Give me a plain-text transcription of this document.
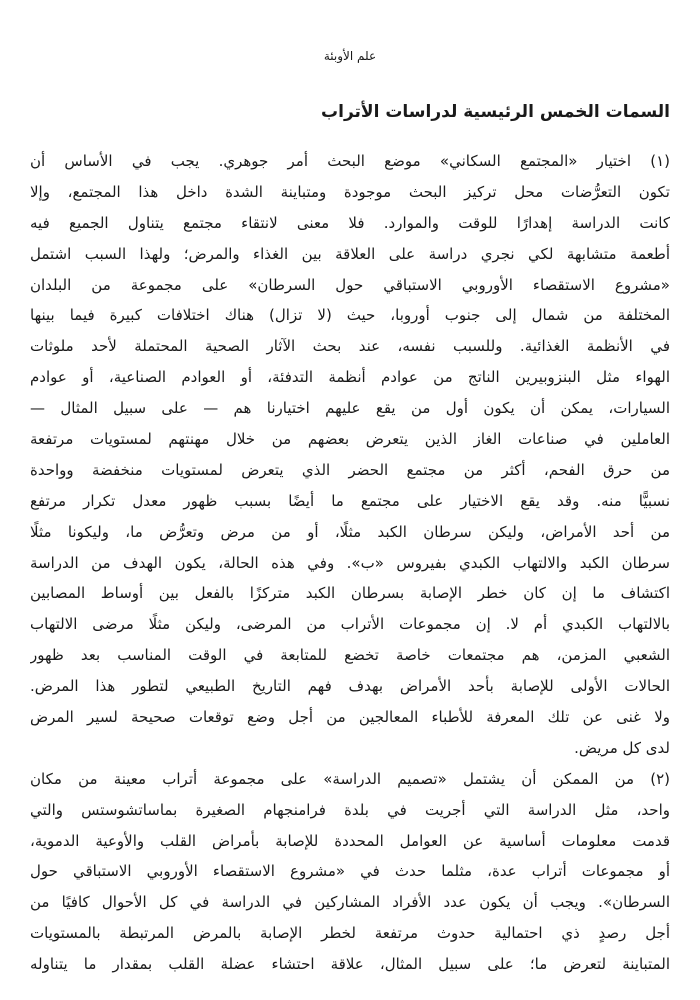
علم الأوبئة
السمات الخمس الرئيسية لدراسات الأتراب
(١) اختيار «المجتمع السكاني» موضع البحث أمر جوهري. يجب في الأساس أن
تكون التعرُّضات محل تركيز البحث موجودة ومتباينة الشدة داخل هذا المجتمع، وإلا
كانت الدراسة إهدارًا للوقت والموارد. فلا معنى لانتقاء مجتمع يتناول الجميع فيه
أطعمة متشابهة لكي نجري دراسة على العلاقة بين الغذاء والمرض؛ ولهذا السبب اشتمل
«مشروع الاستقصاء الأوروبي الاستباقي حول السرطان» على مجموعة من البلدان
المختلفة من شمال إلى جنوب أوروبا، حيث (لا تزال) هناك اختلافات كبيرة فيما بينها
في الأنظمة الغذائية. وللسبب نفسه، عند بحث الآثار الصحية المحتملة لأحد ملوثات
الهواء مثل البنزوبيرين الناتج من عوادم أنظمة التدفئة، أو العوادم الصناعية، أو عوادم
السيارات، يمكن أن يكون أول من يقع عليهم اختيارنا هم — على سبيل المثال —
العاملين في صناعات الغاز الذين يتعرض بعضهم من خلال مهنتهم لمستويات مرتفعة
من حرق الفحم، أكثر من مجتمع الحضر الذي يتعرض لمستويات منخفضة وواحدة
نسبيًّا منه. وقد يقع الاختيار على مجتمع ما أيضًا بسبب ظهور معدل تكرار مرتفع
من أحد الأمراض، وليكن سرطان الكبد مثلًا، أو من مرض وتعرُّض ما، وليكونا مثلًا
سرطان الكبد والالتهاب الكبدي بفيروس «ب». وفي هذه الحالة، يكون الهدف من الدراسة
اكتشاف ما إن كان خطر الإصابة بسرطان الكبد متركزًا بالفعل بين أوساط المصابين
بالالتهاب الكبدي أم لا. إن مجموعات الأتراب من المرضى، وليكن مثلًا مرضى الالتهاب
الشعبي المزمن، هم مجتمعات خاصة تخضع للمتابعة في الوقت المناسب بعد ظهور
الحالات الأولى للإصابة بأحد الأمراض بهدف فهم التاريخ الطبيعي لتطور هذا المرض.
ولا غنى عن تلك المعرفة للأطباء المعالجين من أجل وضع توقعات صحيحة لسير المرض
لدى كل مريض.
(٢) من الممكن أن يشتمل «تصميم الدراسة» على مجموعة أتراب معينة من مكان
واحد، مثل الدراسة التي أجريت في بلدة فرامنجهام الصغيرة بماساتشوستس والتي
قدمت معلومات أساسية عن العوامل المحددة للإصابة بأمراض القلب والأوعية الدموية،
أو مجموعات أتراب عدة، مثلما حدث في «مشروع الاستقصاء الأوروبي الاستباقي حول
السرطان». ويجب أن يكون عدد الأفراد المشاركين في الدراسة في كل الأحوال كافيًا من
أجل رصدٍ ذي احتمالية حدوث مرتفعة لخطر الإصابة بالمرض المرتبطة بالمستويات
المتباينة لتعرض ما؛ على سبيل المثال، علاقة احتشاء عضلة القلب بمقدار ما يتناوله
